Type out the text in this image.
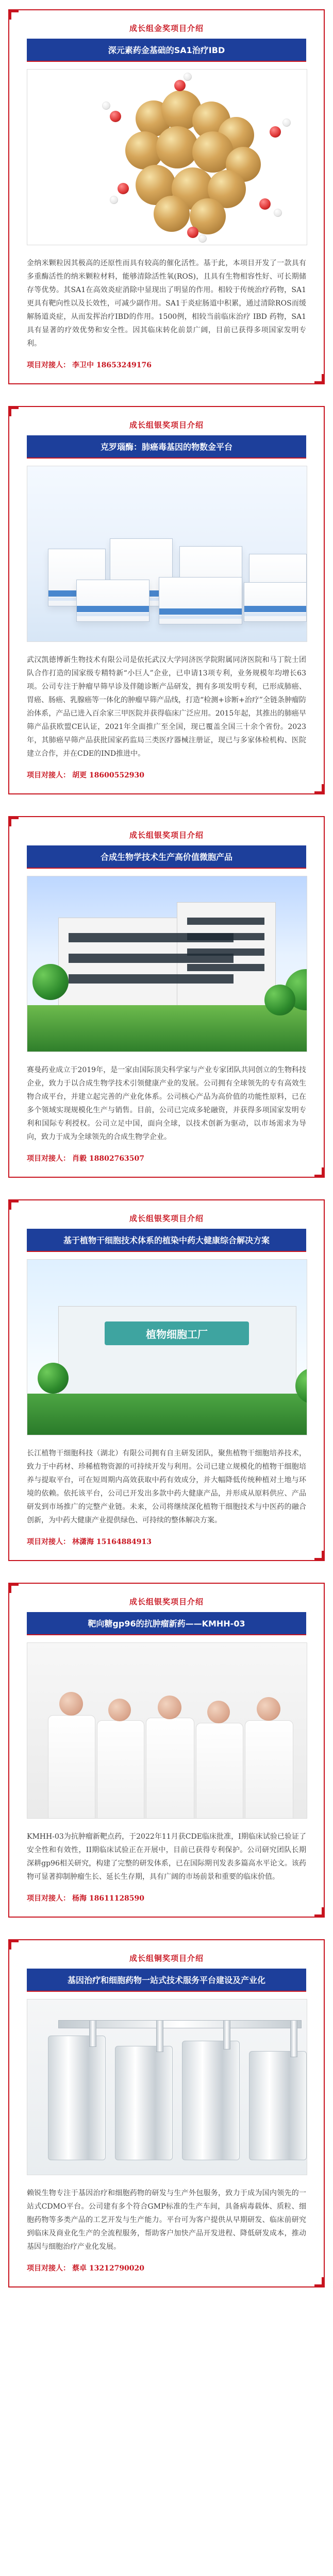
成长组金奖项目介绍
深元素药金基础的SA1治疗IBD

金纳米颗粒因其极高的还原性而具有较高的催化活性。基于此，本项目开发了一款具有多重酶活性的纳米颗粒材料，能够清除活性氧(ROS)，且具有生物相容性好、可长期储存等优势。其SA1在高效炎症消除中显现出了明显的作用。相较于传统治疗药物，SA1更具有靶向性以及长效性，可减少副作用。SA1于炎症肠道中积累，通过清除ROS而缓解肠道炎症，从而发挥治疗IBD的作用。1500例，相较当前临床治疗 IBD 药物，SA1 具有显著的疗效优势和安全性。因其临床转化前景广阔，目前已获得多项国家发明专利。

项目对接人： 李卫中 18653249176
成长组银奖项目介绍
克罗瑙酶：肺癌毒基因的物数金平台

武汉凯德博新生物技术有限公司是依托武汉大学同济医学院附属同济医院和马丁院士团队合作打造的国家级专精特新“小巨人”企业，已申请13项专利，业务规模年均增长63项。公司专注于肿瘤早筛早诊及伴随诊断产品研发，拥有多项发明专利，已形成肺癌、胃癌、肠癌、乳腺癌等一体化的肿瘤早筛产品线，打造“检测+诊断+治疗”全链条肿瘤防治体系，产品已进入百余家三甲医院并获得临床广泛应用。2015年起，其推出的肺癌早筛产品获欧盟CE认证，2021年全面推广至全国，现已覆盖全国三十余个省份。2023年，其肺癌早筛产品获批国家药监局三类医疗器械注册证，现已与多家体检机构、医院建立合作，并在CDE的IND推进中。

项目对接人： 胡更 18600552930
成长组银奖项目介绍
合成生物学技术生产高价值微胞产品

赛曼药业成立于2019年，是一家由国际顶尖科学家与产业专家团队共同创立的生物科技企业，致力于以合成生物学技术引领健康产业的发展。公司拥有全球领先的专有高效生物合成平台，并建立起完善的产业化体系。公司核心产品为高价值的功能性原料，已在多个领域实现规模化生产与销售。目前，公司已完成多轮融资，并获得多项国家发明专利和国际专利授权。公司立足中国，面向全球，以技术创新为驱动，以市场需求为导向，致力于成为全球领先的合成生物学企业。

项目对接人： 肖毅 18802763507
成长组银奖项目介绍
基于植物干细胞技术体系的植染中药大健康综合解决方案
植物细胞工厂

长江植物干细胞科技（湖北）有限公司拥有自主研发团队，聚焦植物干细胞培养技术，致力于中药材、珍稀植物资源的可持续开发与利用。公司已建立规模化的植物干细胞培养与提取平台，可在短周期内高效获取中药有效成分，并大幅降低传统种植对土地与环境的依赖。依托该平台，公司已开发出多款中药大健康产品，并形成从原料供应、产品研发到市场推广的完整产业链。未来，公司将继续深化植物干细胞技术与中医药的融合创新，为中药大健康产业提供绿色、可持续的整体解决方案。

项目对接人： 林潇海 15164884913
成长组银奖项目介绍
靶向糖gp96的抗肿瘤新药——KMHH-03

KMHH-03为抗肿瘤新靶点药，于2022年11月获CDE临床批准，I期临床试验已验证了安全性和有效性，II期临床试验正在开展中，目前已获得专利保护。公司研究团队长期深耕gp96相关研究，构建了完整的研发体系，已在国际期刊发表多篇高水平论文。该药物可显著抑制肿瘤生长、延长生存期，具有广阔的市场前景和重要的临床价值。

项目对接人： 杨海 18611128590
成长组铜奖项目介绍
基因治疗和细胞药物一站式技术服务平台建设及产业化

赖锐生物专注于基因治疗和细胞药物的研发与生产外包服务，致力于成为国内领先的一站式CDMO平台。公司建有多个符合GMP标准的生产车间，具备病毒载体、质粒、细胞药物等多类产品的工艺开发与生产能力。平台可为客户提供从早期研发、临床前研究到临床及商业化生产的全流程服务，帮助客户加快产品开发进程、降低研发成本，推动基因与细胞治疗产业化发展。

项目对接人： 蔡卓 13212790020
